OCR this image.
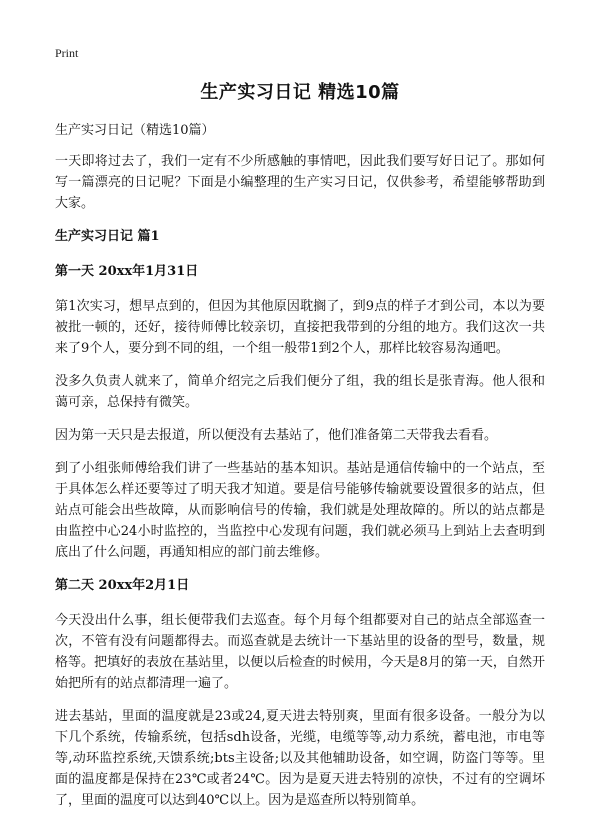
Print
生产实习日记 精选10篇

生产实习日记（精选10篇）

一天即将过去了，我们一定有不少所感触的事情吧，因此我们要写好日记了。那如何写一篇漂亮的日记呢？下面是小编整理的生产实习日记，仅供参考，希望能够帮助到大家。

生产实习日记 篇1

第一天 20xx年1月31日

第1次实习，想早点到的，但因为其他原因耽搁了，到9点的样子才到公司，本以为要被批一顿的，还好，接待师傅比较亲切，直接把我带到的分组的地方。我们这次一共来了9个人，要分到不同的组，一个组一般带1到2个人，那样比较容易沟通吧。

没多久负责人就来了，简单介绍完之后我们便分了组，我的组长是张青海。他人很和蔼可亲，总保持有微笑。

因为第一天只是去报道，所以便没有去基站了，他们准备第二天带我去看看。

到了小组张师傅给我们讲了一些基站的基本知识。基站是通信传输中的一个站点，至于具体怎么样还要等过了明天我才知道。要是信号能够传输就要设置很多的站点，但站点可能会出些故障，从而影响信号的传输，我们就是处理故障的。所以的站点都是由监控中心24小时监控的，当监控中心发现有问题，我们就必须马上到站上去查明到底出了什么问题，再通知相应的部门前去维修。

第二天 20xx年2月1日

今天没出什么事，组长便带我们去巡查。每个月每个组都要对自己的站点全部巡查一次，不管有没有问题都得去。而巡查就是去统计一下基站里的设备的型号，数量，规格等。把填好的表放在基站里，以便以后检查的时候用，今天是8月的第一天，自然开始把所有的站点都清理一遍了。

进去基站，里面的温度就是23或24,夏天进去特别爽，里面有很多设备。一般分为以下几个系统，传输系统，包括sdh设备，光缆，电缆等等,动力系统，蓄电池，市电等等,动环监控系统,天馈系统;bts主设备;以及其他辅助设备，如空调，防盗门等等。里面的温度都是保持在23℃或者24℃。因为是夏天进去特别的凉快，不过有的空调坏了，里面的温度可以达到40℃以上。因为是巡查所以特别简单。
